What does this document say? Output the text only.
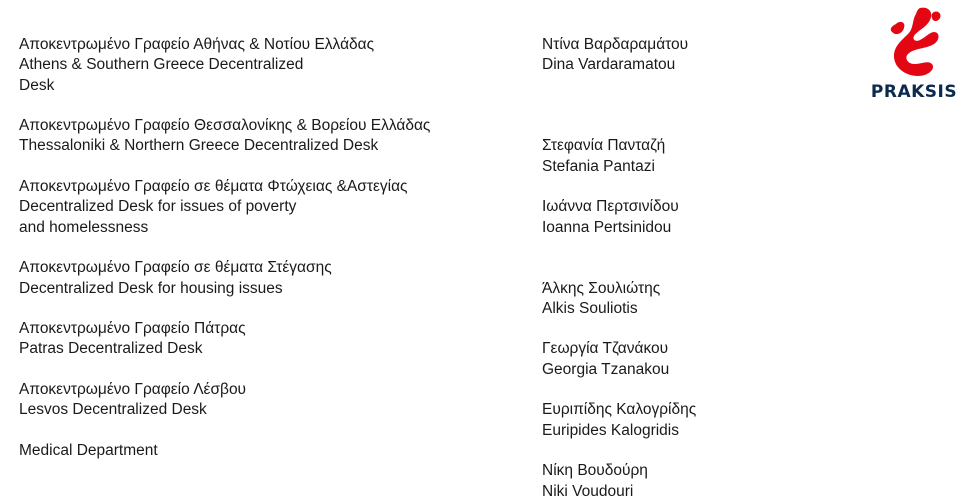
Αποκεντρωμένο Γραφείο Αθήνας & Νοτίου Ελλάδας
Athens & Southern Greece Decentralized
Desk
Αποκεντρωμένο Γραφείο Θεσσαλονίκης & Βορείου Ελλάδας
Thessaloniki & Northern Greece Decentralized Desk
Αποκεντρωμένο Γραφείο σε θέματα Φτώχειας &Αστεγίας
Decentralized Desk for issues of poverty
and homelessness
Αποκεντρωμένο Γραφείο σε θέματα Στέγασης
Decentralized Desk for housing issues
Αποκεντρωμένο Γραφείο Πάτρας
Patras Decentralized Desk
Αποκεντρωμένο Γραφείο Λέσβου
Lesvos Decentralized Desk
Medical Department
Ντίνα Βαρδαραμάτου
Dina Vardaramatou
Στεφανία Πανταζή
Stefania Pantazi
Ιωάννα Περτσινίδου
Ioanna Pertsinidou
Άλκης Σουλιώτης
Alkis Souliotis
Γεωργία Τζανάκου
Georgia Tzanakou
Ευριπίδης Καλογρίδης
Euripides Kalogridis
Νίκη Βουδούρη
Niki Voudouri
PRAKSIS
